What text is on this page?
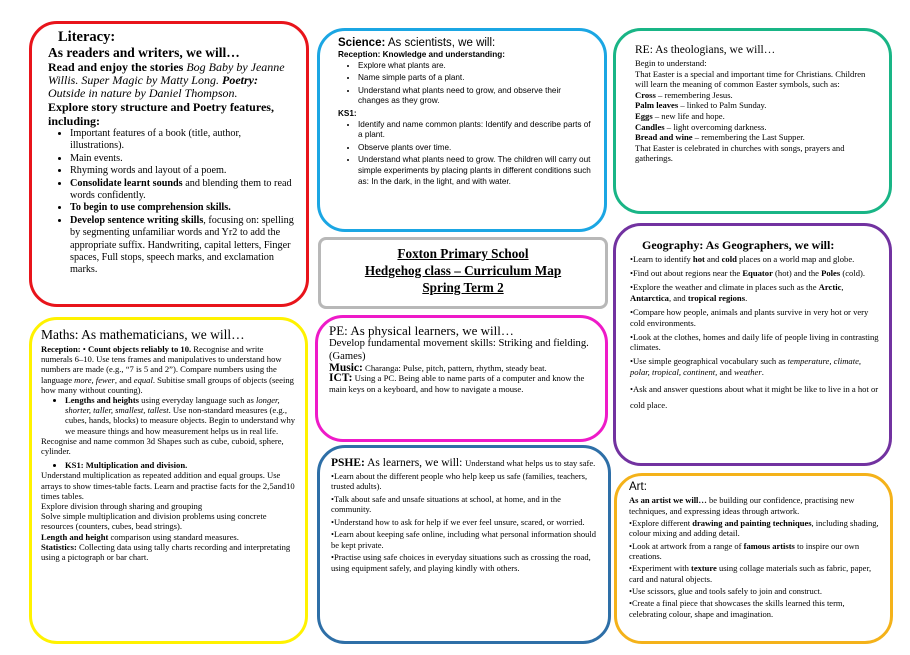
Literacy:
As readers and writers, we will…
Read and enjoy the stories Bog Baby by Jeanne Willis. Super Magic by Matty Long. Poetry: Outside in nature by Daniel Thompson.
Explore story structure and Poetry features, including:
• Important features of a book (title, author, illustrations).
• Main events.
• Rhyming words and layout of a poem.
• Consolidate learnt sounds and blending them to read words confidently.
• To begin to use comprehension skills.
• Develop sentence writing skills, focusing on: spelling by segmenting unfamiliar words and Yr2 to add the appropriate suffix. Handwriting, capital letters, Finger spaces, Full stops, speech marks, and exclamation marks.
Science: As scientists, we will:
Reception: Knowledge and understanding:
• Explore what plants are.
• Name simple parts of a plant.
• Understand what plants need to grow, and observe their changes as they grow.
KS1:
• Identify and name common plants: Identify and describe parts of a plant.
• Observe plants over time.
• Understand what plants need to grow. The children will carry out simple experiments by placing plants in different conditions such as: In the dark, in the light, and with water.
RE: As theologians, we will…

Begin to understand:

That Easter is a special and important time for Christians. Children will learn the meaning of common Easter symbols, such as:

Cross – remembering Jesus.

Palm leaves – linked to Palm Sunday.

Eggs – new life and hope.

Candles – light overcoming darkness.

Bread and wine – remembering the Last Supper.

That Easter is celebrated in churches with songs, prayers and gatherings.

Foxton Primary School
Hedgehog class – Curriculum Map
Spring Term 2
Geography: As Geographers, we will:

•Learn to identify hot and cold places on a world map and globe.

•Find out about regions near the Equator (hot) and the Poles (cold).

•Explore the weather and climate in places such as the Arctic, Antarctica, and tropical regions.

•Compare how people, animals and plants survive in very hot or very cold environments.

•Look at the clothes, homes and daily life of people living in contrasting climates.

•Use simple geographical vocabulary such as temperature, climate, polar, tropical, continent, and weather.

•Ask and answer questions about what it might be like to live in a hot or cold place.

Maths: As mathematicians, we will…
Reception: • Count objects reliably to 10. Recognise and write numerals 6–10. Use tens frames and manipulatives to understand how numbers are made (e.g., “7 is 5 and 2”). Compare numbers using the language more, fewer, and equal. Subitise small groups of objects (seeing how many without counting).
• Lengths and heights using everyday language such as longer, shorter, taller, smallest, tallest. Use non-standard measures (e.g., cubes, hands, blocks) to measure objects. Begin to understand why we measure things and how measurement helps us in real life.
Recognise and name common 3d Shapes such as cube, cuboid, sphere, cylinder.
• KS1: Multiplication and division.
Understand multiplication as repeated addition and equal groups. Use arrays to show times-table facts. Learn and practise facts for the 2,5and10 times tables.
Explore division through sharing and grouping
Solve simple multiplication and division problems using concrete resources (counters, cubes, bead strings).
Length and height comparison using standard measures.
Statistics: Collecting data using tally charts recording and interpretating using a pictograph or bar chart.
PE: As physical learners, we will…
Develop fundamental movement skills: Striking and fielding. (Games)
Music: Charanga: Pulse, pitch, pattern, rhythm, steady beat.
ICT: Using a PC. Being able to name parts of a computer and know the main keys on a keyboard, and how to navigate a mouse.

PSHE: As learners, we will: Understand what helps us to stay safe.

•Learn about the different people who help keep us safe (families, teachers, trusted adults).

•Talk about safe and unsafe situations at school, at home, and in the community.

•Understand how to ask for help if we ever feel unsure, scared, or worried.

•Learn about keeping safe online, including what personal information should be kept private.

•Practise using safe choices in everyday situations such as crossing the road, using equipment safely, and playing kindly with others.

Art:

As an artist we will… be building our confidence, practising new techniques, and expressing ideas through artwork.

•Explore different drawing and painting techniques, including shading, colour mixing and adding detail.

•Look at artwork from a range of famous artists to inspire our own creations.

•Experiment with texture using collage materials such as fabric, paper, card and natural objects.

•Use scissors, glue and tools safely to join and construct.

•Create a final piece that showcases the skills learned this term, celebrating colour, shape and imagination.
